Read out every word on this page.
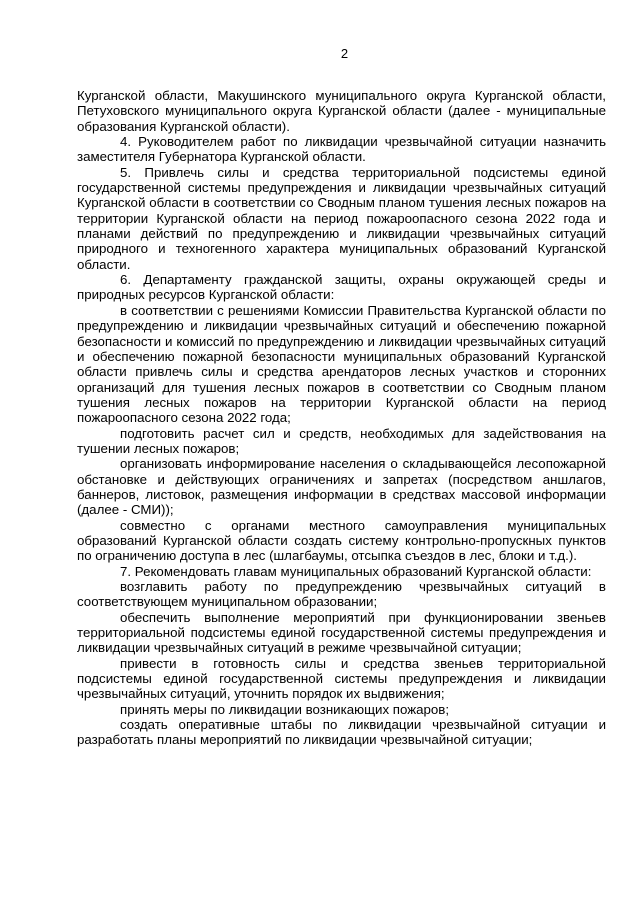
2

Курганской области, Макушинского муниципального округа Курганской области, Петуховского муниципального округа Курганской области (далее - муниципальные образования Курганской области).

4. Руководителем работ по ликвидации чрезвычайной ситуации назначить заместителя Губернатора Курганской области.

5. Привлечь силы и средства территориальной подсистемы единой государственной системы предупреждения и ликвидации чрезвычайных ситуаций Курганской области в соответствии со Сводным планом тушения лесных пожаров на территории Курганской области на период пожароопасного сезона 2022 года и планами действий по предупреждению и ликвидации чрезвычайных ситуаций природного и техногенного характера муниципальных образований Курганской области.

6. Департаменту гражданской защиты, охраны окружающей среды и природных ресурсов Курганской области:

в соответствии с решениями Комиссии Правительства Курганской области по предупреждению и ликвидации чрезвычайных ситуаций и обеспечению пожарной безопасности и комиссий по предупреждению и ликвидации чрезвычайных ситуаций и обеспечению пожарной безопасности муниципальных образований Курганской области привлечь силы и средства арендаторов лесных участков и сторонних организаций для тушения лесных пожаров в соответствии со Сводным планом тушения лесных пожаров на территории Курганской области на период пожароопасного сезона 2022 года;

подготовить расчет сил и средств, необходимых для задействования на тушении лесных пожаров;

организовать информирование населения о складывающейся лесопожарной обстановке и действующих ограничениях и запретах (посредством аншлагов, баннеров, листовок, размещения информации в средствах массовой информации (далее - СМИ));

совместно с органами местного самоуправления муниципальных образований Курганской области создать систему контрольно-пропускных пунктов по ограничению доступа в лес (шлагбаумы, отсыпка съездов в лес, блоки и т.д.).

7. Рекомендовать главам муниципальных образований Курганской области:

возглавить работу по предупреждению чрезвычайных ситуаций в соответствующем муниципальном образовании;

обеспечить выполнение мероприятий при функционировании звеньев территориальной подсистемы единой государственной системы предупреждения и ликвидации чрезвычайных ситуаций в режиме чрезвычайной ситуации;

привести в готовность силы и средства звеньев территориальной подсистемы единой государственной системы предупреждения и ликвидации чрезвычайных ситуаций, уточнить порядок их выдвижения;

принять меры по ликвидации возникающих пожаров;

создать оперативные штабы по ликвидации чрезвычайной ситуации и разработать планы мероприятий по ликвидации чрезвычайной ситуации;
